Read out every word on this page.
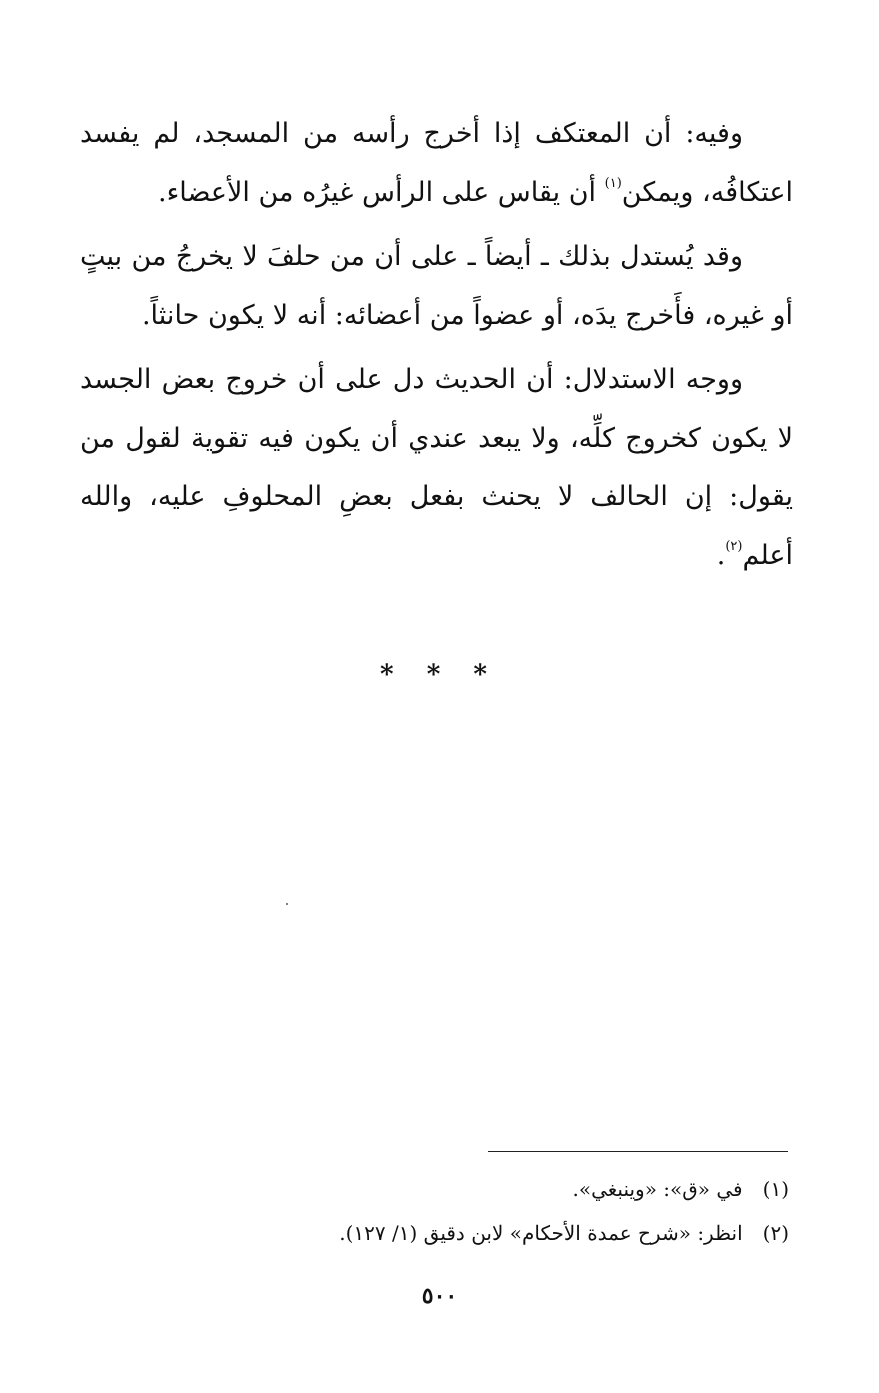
وفيه: أن المعتكف إذا أخرج رأسه من المسجد، لم يفسد اعتكافُه، ويمكن$^{(١)}$ أن يقاس على الرأس غيرُه من الأعضاء.

وقد يُستدل بذلك ـ أيضاً ـ على أن من حلفَ لا يخرجُ من بيتٍ أو غيره، فأَخرج يدَه، أو عضواً من أعضائه: أنه لا يكون حانثاً.

ووجه الاستدلال: أن الحديث دل على أن خروج بعض الجسد لا يكون كخروج كلِّه، ولا يبعد عندي أن يكون فيه تقوية لقول من يقول: إن الحالف لا يحنث بفعل بعضِ المحلوفِ عليه، والله أعلم$^{(٢)}$.

* * *
(١)
في «ق»: «وينبغي».
(٢)
انظر: «شرح عمدة الأحكام» لابن دقيق (١/ ١٢٧).
٥٠٠
